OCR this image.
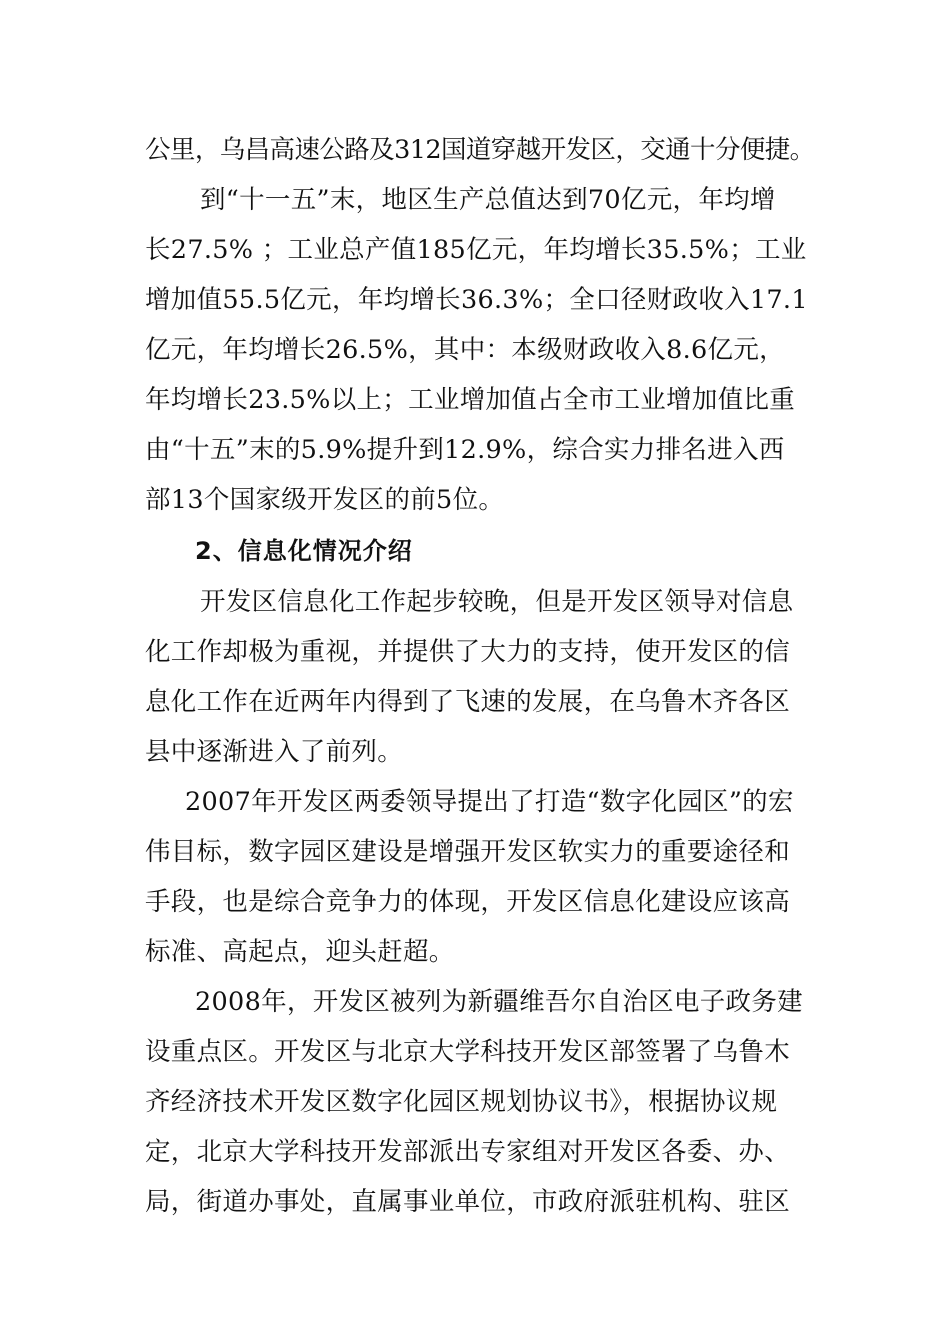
公里，乌昌高速公路及312国道穿越开发区，交通十分便捷。
到“十一五”末，地区生产总值达到70亿元，年均增
长27.5% ；工业总产值185亿元，年均增长35.5%；工业
增加值55.5亿元，年均增长36.3%；全口径财政收入17.1
亿元，年均增长26.5%，其中：本级财政收入8.6亿元，
年均增长23.5%以上；工业增加值占全市工业增加值比重
由“十五”末的5.9%提升到12.9%，综合实力排名进入西
部13个国家级开发区的前5位。
2、信息化情况介绍
开发区信息化工作起步较晚，但是开发区领导对信息
化工作却极为重视，并提供了大力的支持，使开发区的信
息化工作在近两年内得到了飞速的发展，在乌鲁木齐各区
县中逐渐进入了前列。
2007年开发区两委领导提出了打造“数字化园区”的宏
伟目标，数字园区建设是增强开发区软实力的重要途径和
手段，也是综合竞争力的体现，开发区信息化建设应该高
标准、高起点，迎头赶超。
2008年，开发区被列为新疆维吾尔自治区电子政务建
设重点区。开发区与北京大学科技开发区部签署了乌鲁木
齐经济技术开发区数字化园区规划协议书》，根据协议规
定，北京大学科技开发部派出专家组对开发区各委、办、
局，街道办事处，直属事业单位，市政府派驻机构、驻区
